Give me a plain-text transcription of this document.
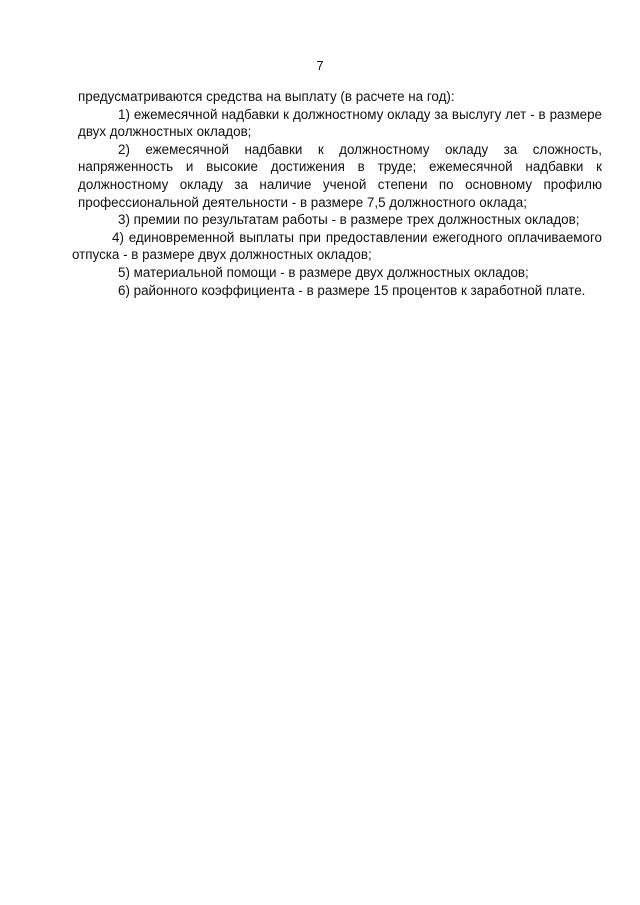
7

предусматриваются средства на выплату (в расчете на год):

1) ежемесячной надбавки к должностному окладу за выслугу лет - в размере двух должностных окладов;

2) ежемесячной надбавки к должностному окладу за сложность, напряженность и высокие достижения в труде; ежемесячной надбавки к должностному окладу за наличие ученой степени по основному профилю профессиональной деятельности - в размере 7,5 должностного оклада;

3) премии по результатам работы - в размере трех должностных окладов;

4) единовременной выплаты при предоставлении ежегодного оплачиваемого отпуска - в размере двух должностных окладов;

5) материальной помощи - в размере двух должностных окладов;

6) районного коэффициента - в размере 15 процентов к заработной плате.
